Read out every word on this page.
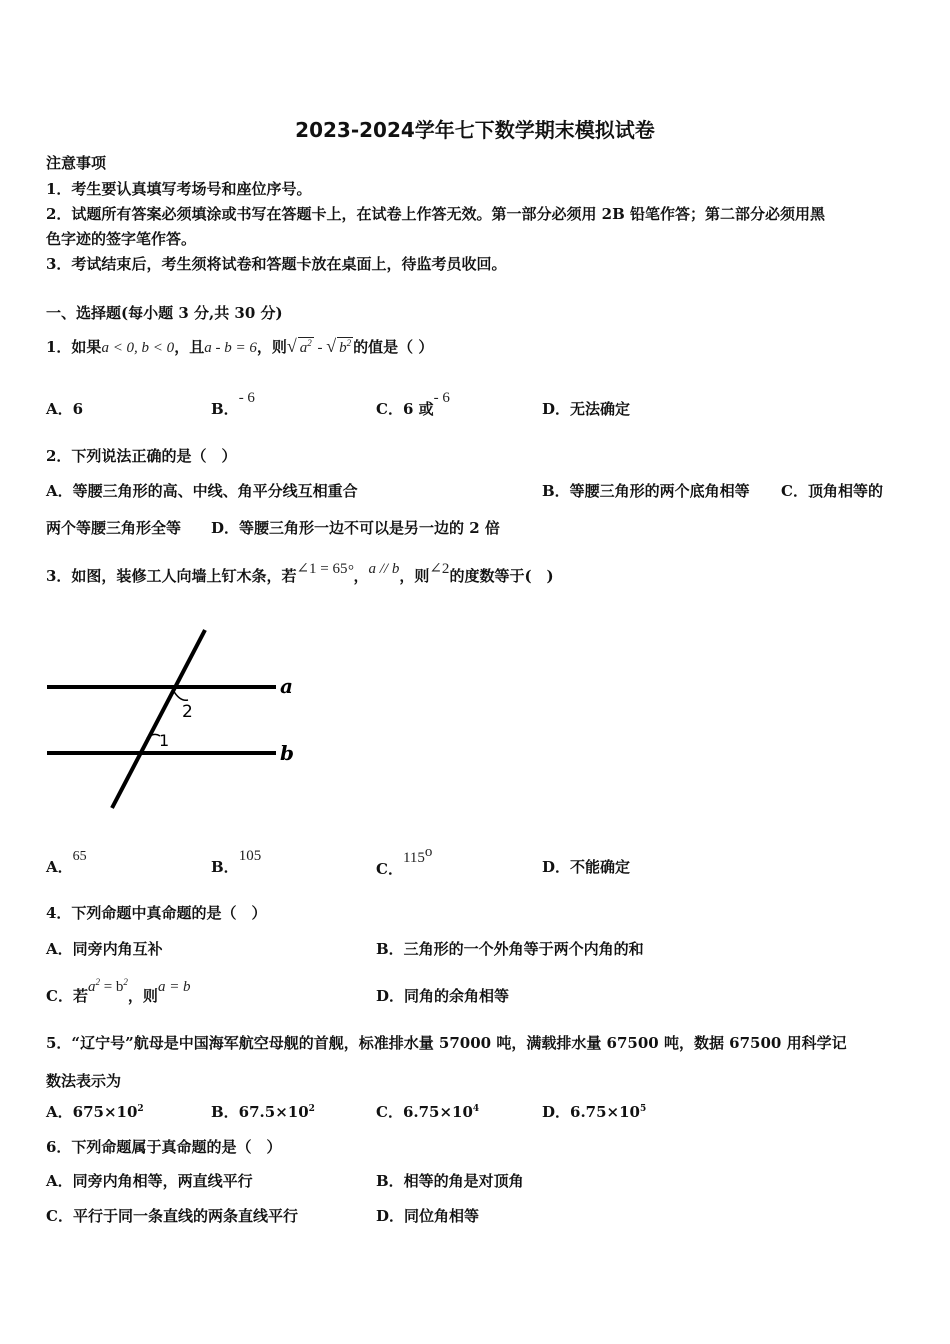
2023-2024学年七下数学期末模拟试卷
注意事项
1．考生要认真填写考场号和座位序号。
2．试题所有答案必须填涂或书写在答题卡上，在试卷上作答无效。第一部分必须用 2B 铅笔作答；第二部分必须用黑
色字迹的签字笔作答。
3．考试结束后，考生须将试卷和答题卡放在桌面上，待监考员收回。
一、选择题(每小题 3 分,共 30 分)
1．如果a < 0, b < 0，且a - b = 6，则√ $a^2$ - √ $b^2$ 的值是（ ）
A．6	B．- 6
C．6 或- 6
D．无法确定
2．下列说法正确的是（　）
A．等腰三角形的高、中线、角平分线互相重合	B．等腰三角形的两个底角相等 C．顶角相等的
两个等腰三角形全等 D．等腰三角形一边不可以是另一边的 2 倍
3．如图，装修工人向墙上钉木条，若∠1 = 65°，a // b，则∠2的度数等于(　)
a
b
2
1
A．65
B．105
C．115$^o$
D．不能确定
4．下列命题中真命题的是（　）
A．同旁内角互补	B．三角形的一个外角等于两个内角的和
C．若$a^2 = b^2$，则a = b	D．同角的余角相等
5．“辽宁号”航母是中国海军航空母舰的首舰，标准排水量 57000 吨，满载排水量 67500 吨，数据 67500 用科学记
数法表示为
A．$675\times 10^2$	B．$67.5\times 10^2$	C．$6.75\times 10^4$	D．$6.75\times 10^5$
6．下列命题属于真命题的是（　）
A．同旁内角相等，两直线平行	B．相等的角是对顶角
C．平行于同一条直线的两条直线平行	D．同位角相等
